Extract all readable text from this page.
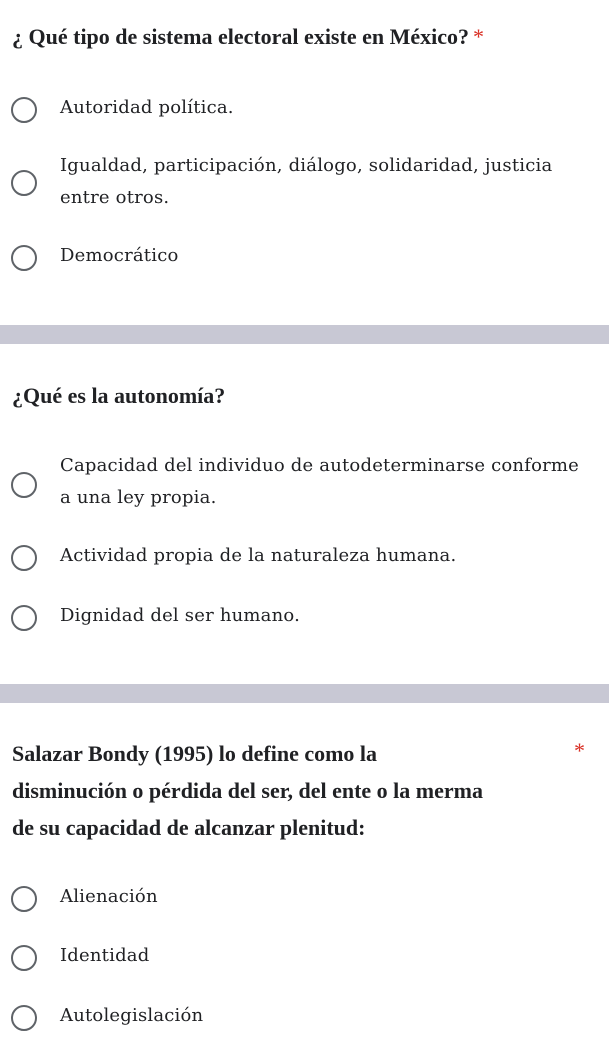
¿ Qué tipo de sistema electoral existe en México? *
Autoridad política.
Igualdad, participación, diálogo, solidaridad, justicia entre otros.
Democrático
¿Qué es la autonomía?
Capacidad del individuo de autodeterminarse conforme a una ley propia.
Actividad propia de la naturaleza humana.
Dignidad del ser humano.
Salazar Bondy (1995) lo define como la
disminución o pérdida del ser, del ente o la merma
de su capacidad de alcanzar plenitud:
*
Alienación
Identidad
Autolegislación
